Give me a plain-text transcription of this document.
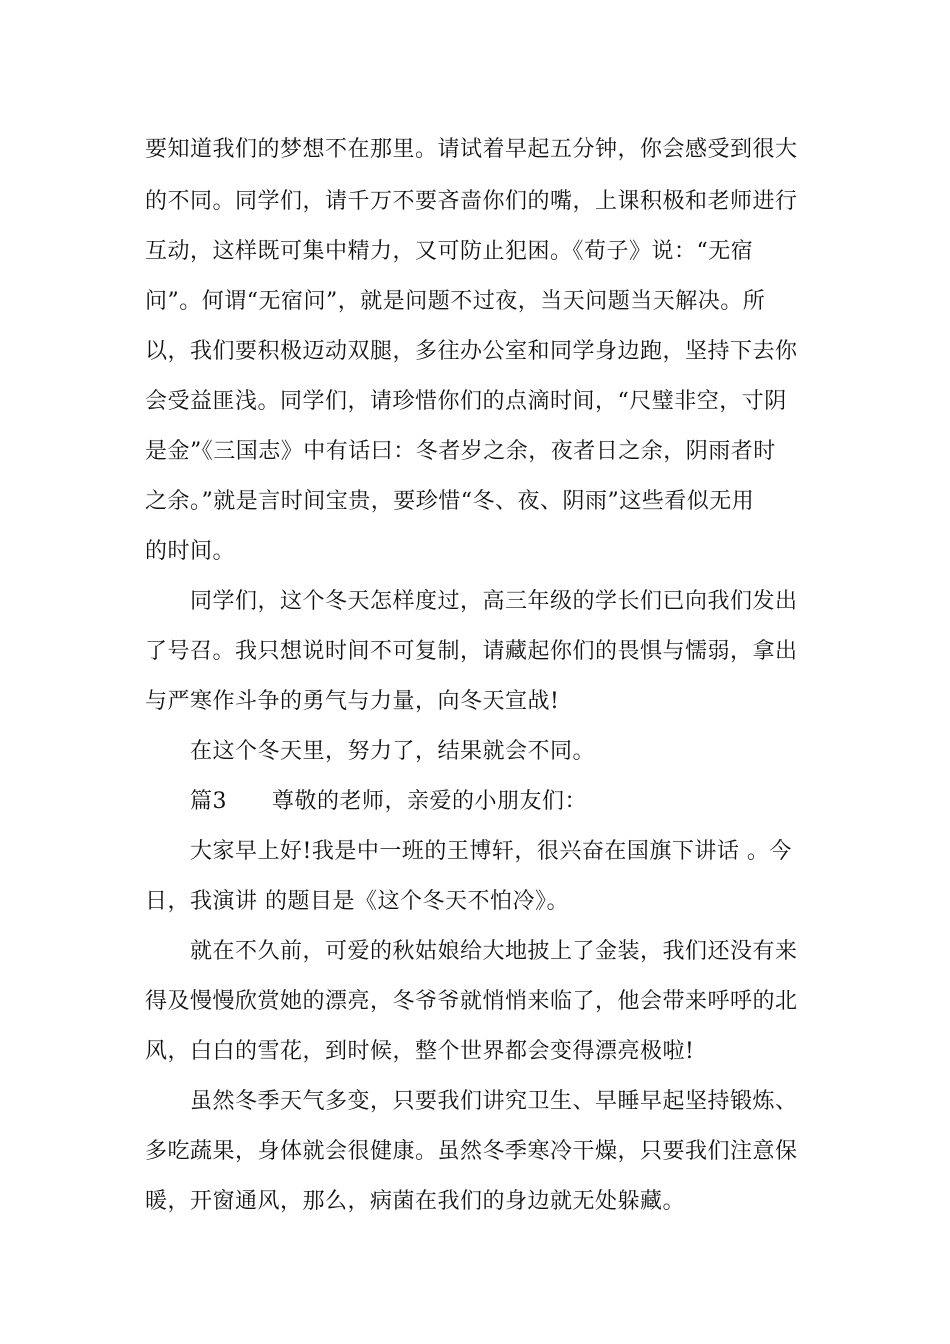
要知道我们的梦想不在那里。请试着早起五分钟，你会感受到很大
的不同。同学们，请千万不要吝啬你们的嘴，上课积极和老师进行
互动，这样既可集中精力，又可防止犯困。《荀子》说：“无宿
问”。何谓“无宿问”，就是问题不过夜，当天问题当天解决。所
以，我们要积极迈动双腿，多往办公室和同学身边跑，坚持下去你
会受益匪浅。同学们，请珍惜你们的点滴时间，“尺璧非空，寸阴
是金”《三国志》中有话曰：冬者岁之余，夜者日之余，阴雨者时
之余。”就是言时间宝贵，要珍惜“冬、夜、阴雨”这些看似无用
的时间。
同学们，这个冬天怎样度过，高三年级的学长们已向我们发出
了号召。我只想说时间不可复制，请藏起你们的畏惧与懦弱，拿出
与严寒作斗争的勇气与力量，向冬天宣战!
在这个冬天里，努力了，结果就会不同。
篇3　　尊敬的老师，亲爱的小朋友们：
大家早上好!我是中一班的王博轩，很兴奋在国旗下讲话 。今
日，我演讲 的题目是《这个冬天不怕冷》。
就在不久前，可爱的秋姑娘给大地披上了金装，我们还没有来
得及慢慢欣赏她的漂亮，冬爷爷就悄悄来临了，他会带来呼呼的北
风，白白的雪花，到时候，整个世界都会变得漂亮极啦!
虽然冬季天气多变，只要我们讲究卫生、早睡早起坚持锻炼、
多吃蔬果，身体就会很健康。虽然冬季寒冷干燥，只要我们注意保
暖，开窗通风，那么，病菌在我们的身边就无处躲藏。
